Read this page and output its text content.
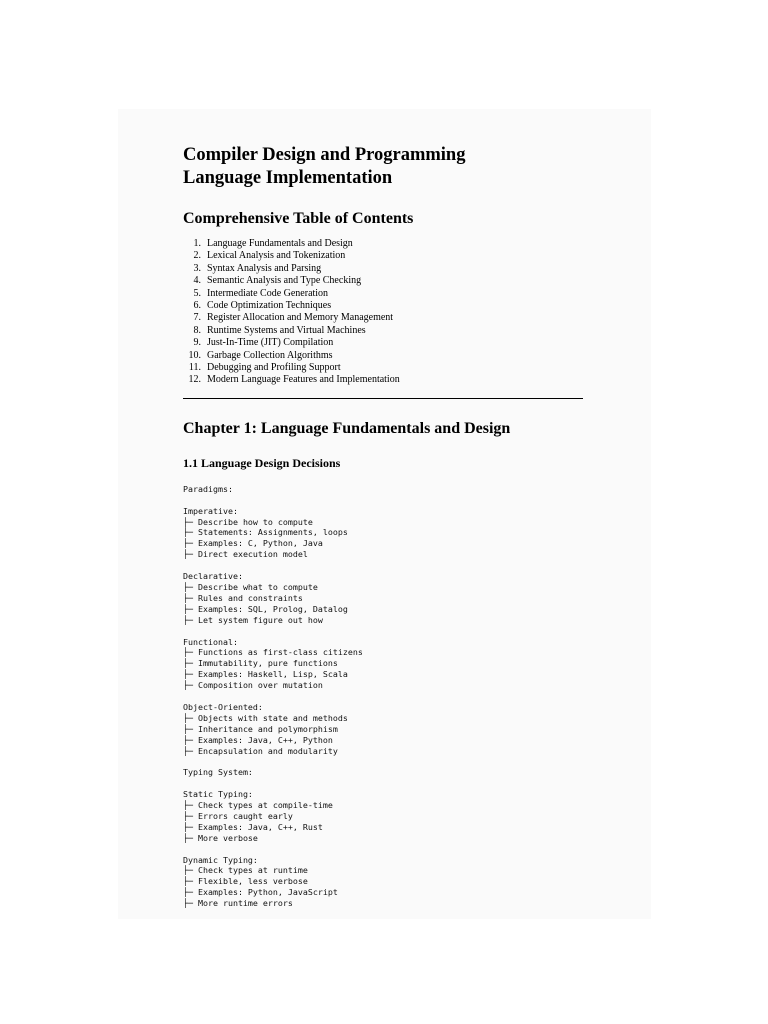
Compiler Design and Programming
Language Implementation
Comprehensive Table of Contents
1. Language Fundamentals and Design
2. Lexical Analysis and Tokenization
3. Syntax Analysis and Parsing
4. Semantic Analysis and Type Checking
5. Intermediate Code Generation
6. Code Optimization Techniques
7. Register Allocation and Memory Management
8. Runtime Systems and Virtual Machines
9. Just-In-Time (JIT) Compilation
10. Garbage Collection Algorithms
11. Debugging and Profiling Support
12. Modern Language Features and Implementation
Chapter 1: Language Fundamentals and Design
1.1 Language Design Decisions
Paradigms:
Imperative:
├─ Describe how to compute
├─ Statements: Assignments, loops
├─ Examples: C, Python, Java
├─ Direct execution model
Declarative:
├─ Describe what to compute
├─ Rules and constraints
├─ Examples: SQL, Prolog, Datalog
├─ Let system figure out how
Functional:
├─ Functions as first-class citizens
├─ Immutability, pure functions
├─ Examples: Haskell, Lisp, Scala
├─ Composition over mutation
Object-Oriented:
├─ Objects with state and methods
├─ Inheritance and polymorphism
├─ Examples: Java, C++, Python
├─ Encapsulation and modularity
Typing System:
Static Typing:
├─ Check types at compile-time
├─ Errors caught early
├─ Examples: Java, C++, Rust
├─ More verbose
Dynamic Typing:
├─ Check types at runtime
├─ Flexible, less verbose
├─ Examples: Python, JavaScript
├─ More runtime errors
